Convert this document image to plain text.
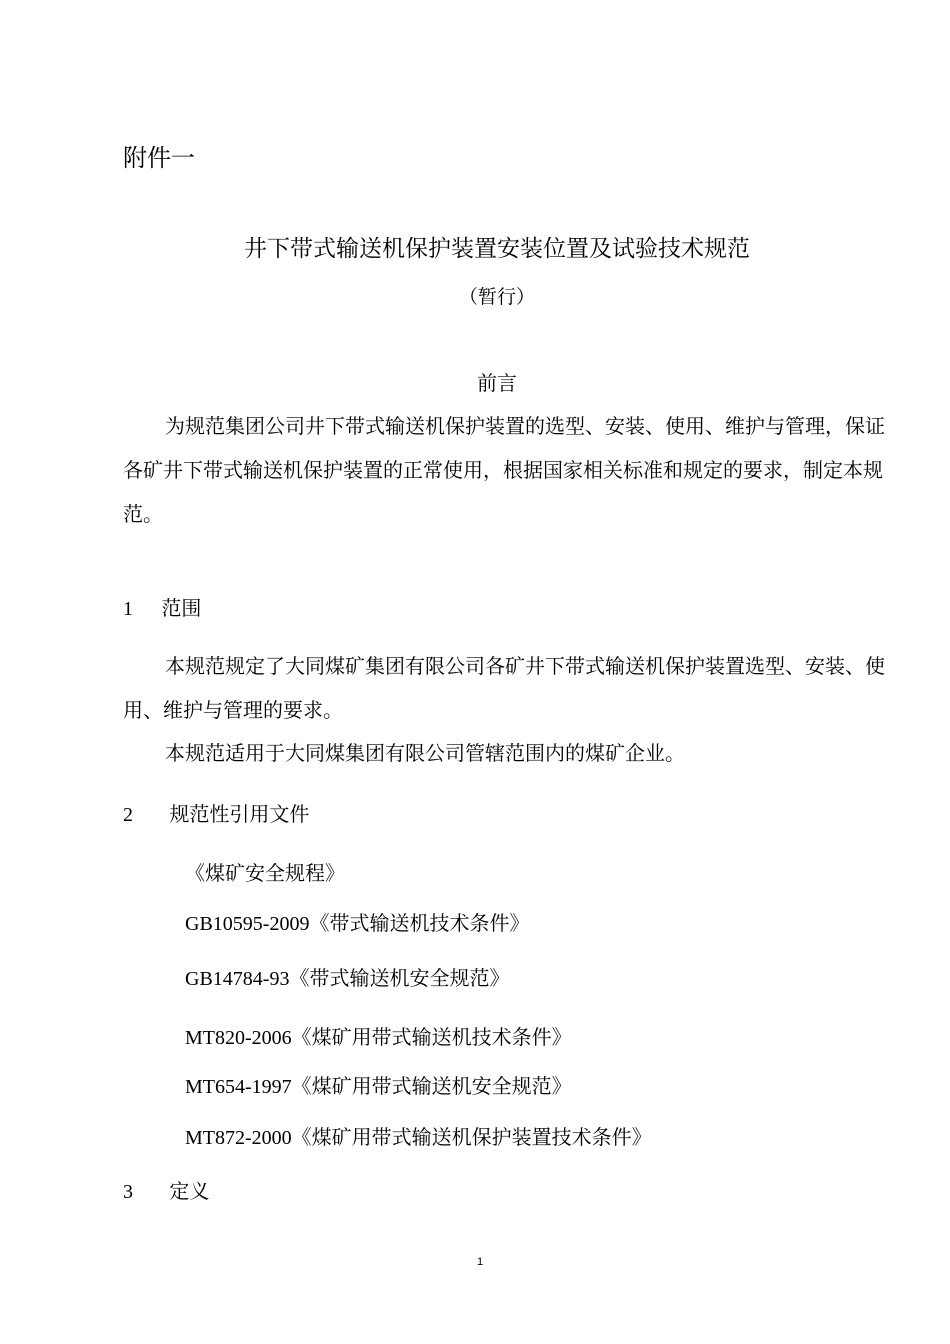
附件一
井下带式输送机保护装置安装位置及试验技术规范
（暂行）
前言

为规范集团公司井下带式输送机保护装置的选型、安装、使用、维护与管理，保证各矿井下带式输送机保护装置的正常使用，根据国家相关标准和规定的要求，制定本规范。

1 范围

本规范规定了大同煤矿集团有限公司各矿井下带式输送机保护装置选型、安装、使用、维护与管理的要求。

本规范适用于大同煤集团有限公司管辖范围内的煤矿企业。

2 规范性引用文件
《煤矿安全规程》
GB10595-2009《带式输送机技术条件》
GB14784-93《带式输送机安全规范》
MT820-2006《煤矿用带式输送机技术条件》
MT654-1997《煤矿用带式输送机安全规范》
MT872-2000《煤矿用带式输送机保护装置技术条件》
3 定义
1
